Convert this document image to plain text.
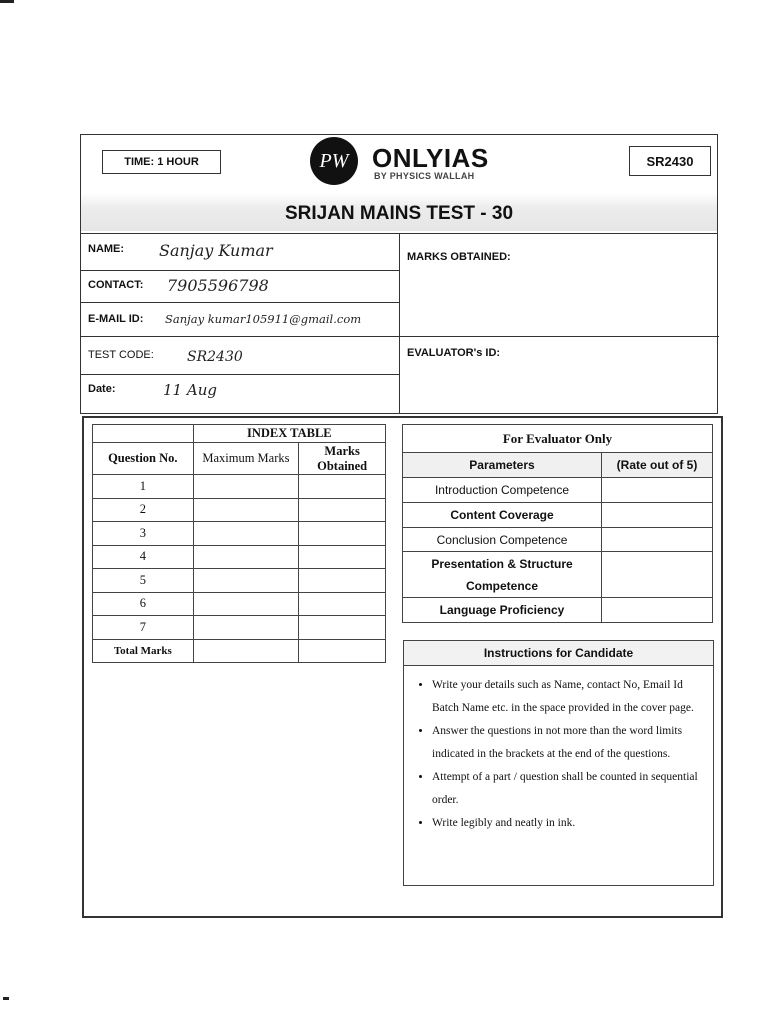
TIME: 1 HOUR	PW ONLYIAS
BY PHYSICS WALLAH
SR2430
SRIJAN MAINS TEST - 30
NAME: Sanjay Kumar
CONTACT: 7905596798
E-MAIL ID: Sanjay kumar105911@gmail.com
TEST CODE: SR2430
Date:	11 Aug
MARKS OBTAINED:
EVALUATOR's ID:
	INDEX TABLE	
Question No.	Maximum Marks	Marks Obtained
1		
2		
3		
4		
5		
6		
7		
Total Marks		
For Evaluator Only	
Parameters	(Rate out of 5)
Introduction Competence	
Content Coverage	
Conclusion Competence	
Presentation & Structure Competence	
Language Proficiency	
Instructions for Candidate
• Write your details such as Name, contact No, Email Id Batch Name etc. in the space provided in the cover page.
• Answer the questions in not more than the word limits indicated in the brackets at the end of the questions.
• Attempt of a part / question shall be counted in sequential order.
• Write legibly and neatly in ink.
